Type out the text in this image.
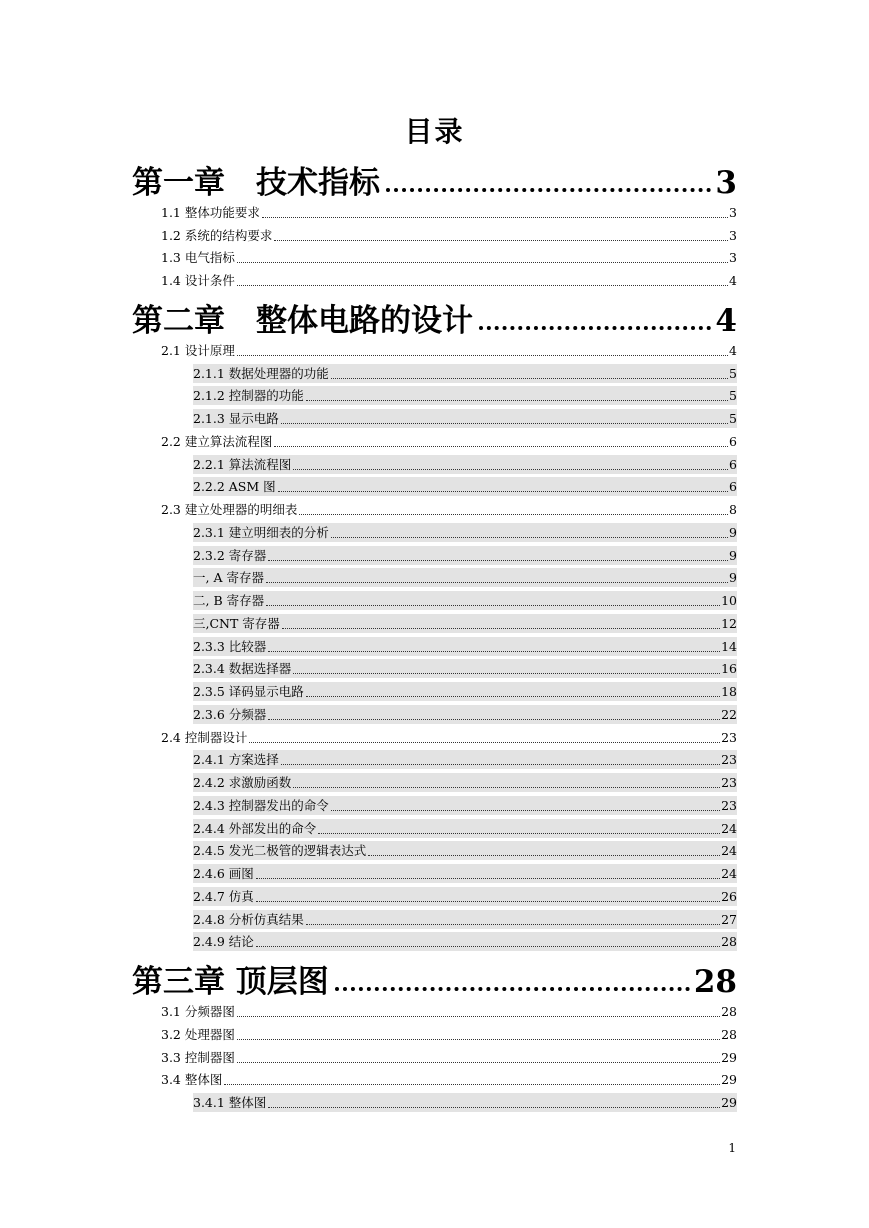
目录
第一章　技术指标	3
1.1 整体功能要求	3
1.2 系统的结构要求	3
1.3 电气指标	3
1.4 设计条件	4
第二章　整体电路的设计	4
2.1 设计原理	4
2.1.1 数据处理器的功能	5
2.1.2 控制器的功能	5
2.1.3 显示电路	5
2.2 建立算法流程图	6
2.2.1 算法流程图	6
2.2.2 ASM 图	6
2.3 建立处理器的明细表	8
2.3.1 建立明细表的分析	9
2.3.2 寄存器	9
一, A 寄存器	9
二, B 寄存器	10
三,CNT 寄存器	12
2.3.3 比较器	14
2.3.4 数据选择器	16
2.3.5 译码显示电路	18
2.3.6 分频器	22
2.4 控制器设计	23
2.4.1 方案选择	23
2.4.2 求激励函数	23
2.4.3 控制器发出的命令	23
2.4.4 外部发出的命令	24
2.4.5 发光二极管的逻辑表达式	24
2.4.6 画图	24
2.4.7 仿真	26
2.4.8 分析仿真结果	27
2.4.9 结论	28
第三章 顶层图	28
3.1 分频器图	28
3.2 处理器图	28
3.3 控制器图	29
3.4 整体图	29
3.4.1 整体图	29
1
